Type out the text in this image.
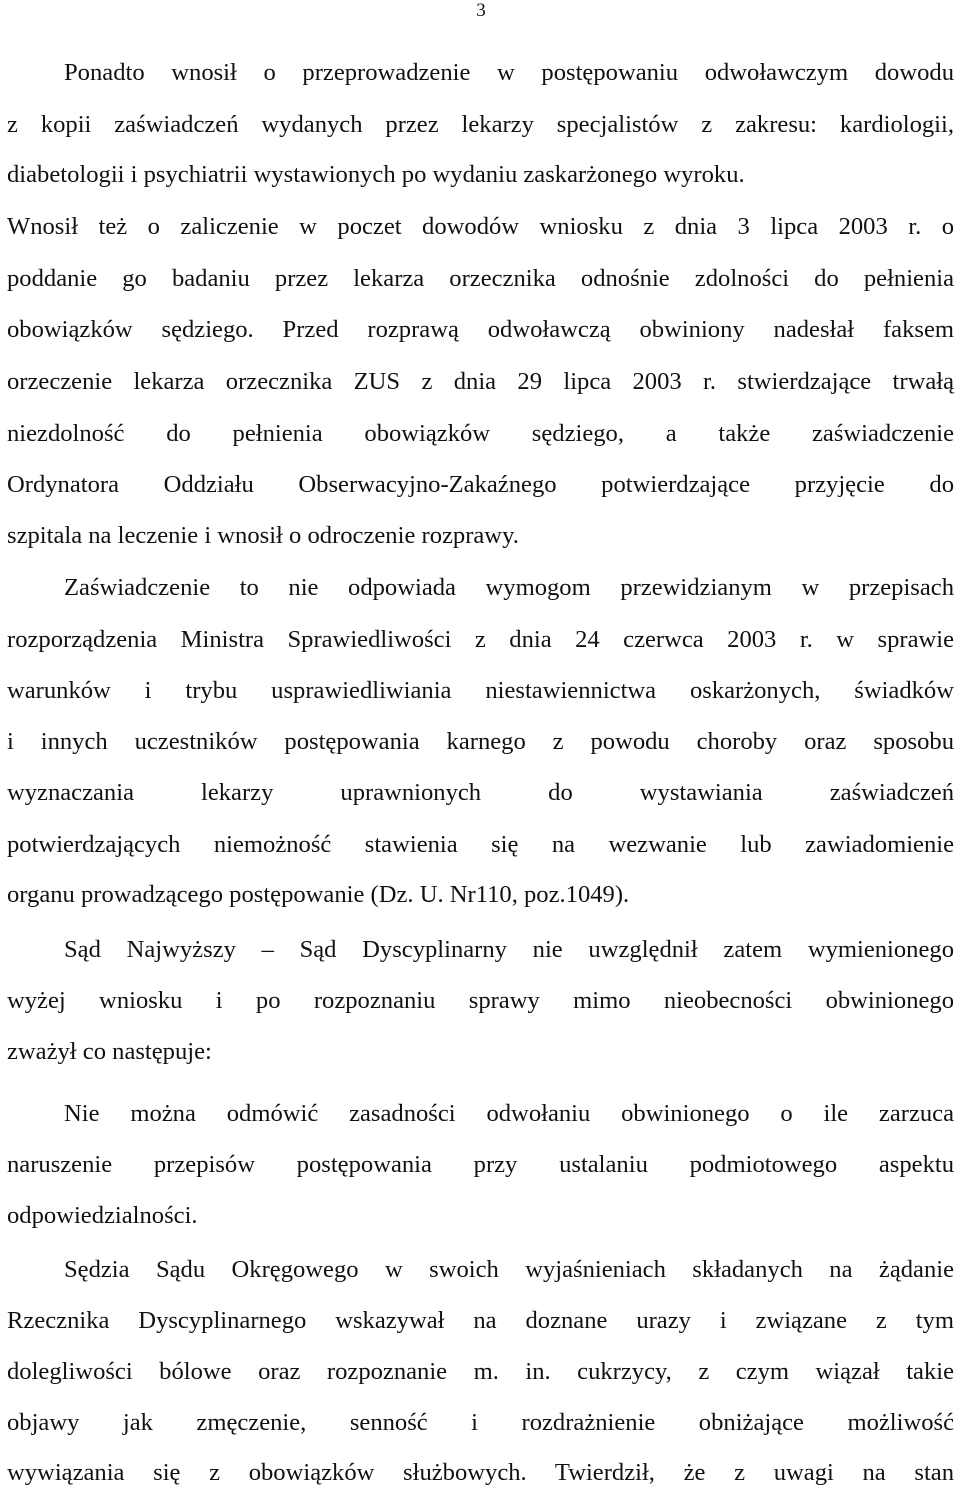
3
Ponadto wnosił o przeprowadzenie w postępowaniu odwoławczym dowodu
z kopii zaświadczeń wydanych przez lekarzy specjalistów z zakresu: kardiologii,
diabetologii i psychiatrii wystawionych po wydaniu zaskarżonego wyroku.
Wnosił też o zaliczenie w poczet dowodów wniosku z dnia 3 lipca 2003 r. o
poddanie go badaniu przez lekarza orzecznika odnośnie zdolności do pełnienia
obowiązków sędziego. Przed rozprawą odwoławczą obwiniony nadesłał faksem
orzeczenie lekarza orzecznika ZUS z dnia 29 lipca 2003 r. stwierdzające trwałą
niezdolność do pełnienia obowiązków sędziego, a także zaświadczenie
Ordynatora Oddziału Obserwacyjno-Zakaźnego potwierdzające przyjęcie do
szpitala na leczenie i wnosił o odroczenie rozprawy.
Zaświadczenie to nie odpowiada wymogom przewidzianym w przepisach
rozporządzenia Ministra Sprawiedliwości z dnia 24 czerwca 2003 r. w sprawie
warunków i trybu usprawiedliwiania niestawiennictwa oskarżonych, świadków
i innych uczestników postępowania karnego z powodu choroby oraz sposobu
wyznaczania lekarzy uprawnionych do wystawiania zaświadczeń
potwierdzających niemożność stawienia się na wezwanie lub zawiadomienie
organu prowadzącego postępowanie (Dz. U. Nr110, poz.1049).
Sąd Najwyższy – Sąd Dyscyplinarny nie uwzględnił zatem wymienionego
wyżej wniosku i po rozpoznaniu sprawy mimo nieobecności obwinionego
zważył co następuje:
Nie można odmówić zasadności odwołaniu obwinionego o ile zarzuca
naruszenie przepisów postępowania przy ustalaniu podmiotowego aspektu
odpowiedzialności.
Sędzia Sądu Okręgowego w swoich wyjaśnieniach składanych na żądanie
Rzecznika Dyscyplinarnego wskazywał na doznane urazy i związane z tym
dolegliwości bólowe oraz rozpoznanie m. in. cukrzycy, z czym wiązał takie
objawy jak zmęczenie, senność i rozdrażnienie obniżające możliwość
wywiązania się z obowiązków służbowych. Twierdził, że z uwagi na stan
